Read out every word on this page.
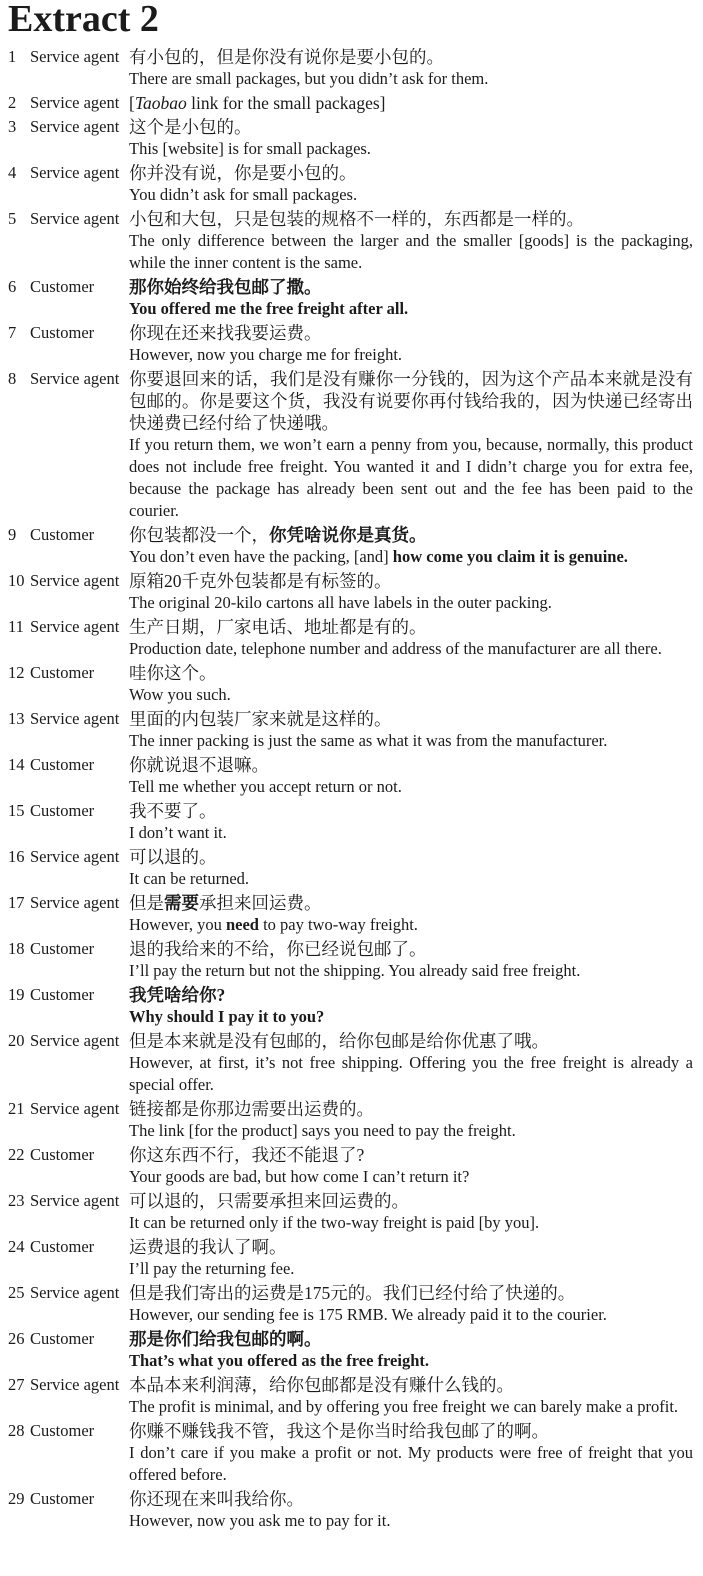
Extract 2
1 Service agent 有小包的，但是你没有说你是要小包的。

There are small packages, but you didn’t ask for them.

2 Service agent [Taobao link for the small packages]

3 Service agent 这个是小包的。

This [website] is for small packages.

4 Service agent 你并没有说，你是要小包的。

You didn’t ask for small packages.

5 Service agent 小包和大包，只是包装的规格不一样的，东西都是一样的。

The only difference between the larger and the smaller [goods] is the packaging, while the inner content is the same.

6 Customer	那你始终给我包邮了撒。

You offered me the free freight after all.

7 Customer	你现在还来找我要运费。

However, now you charge me for freight.

8 Service agent 你要退回来的话，我们是没有赚你一分钱的，因为这个产品本来就是没有包邮的。你是要这个货，我没有说要你再付钱给我的，因为快递已经寄出快递费已经付给了快递哦。

If you return them, we won’t earn a penny from you, because, normally, this product does not include free freight. You wanted it and I didn’t charge you for extra fee, because the package has already been sent out and the fee has been paid to the courier.

9 Customer	你包装都没一个，你凭啥说你是真货。

You don’t even have the packing, [and] how come you claim it is genuine.

10 Service agent 原箱20千克外包装都是有标签的。

The original 20-kilo cartons all have labels in the outer packing.

11 Service agent 生产日期，厂家电话、地址都是有的。

Production date, telephone number and address of the manufacturer are all there.

12 Customer	哇你这个。

Wow you such.

13 Service agent 里面的内包装厂家来就是这样的。

The inner packing is just the same as what it was from the manufacturer.

14 Customer	你就说退不退嘛。

Tell me whether you accept return or not.

15 Customer	我不要了。

I don’t want it.

16 Service agent 可以退的。

It can be returned.

17 Service agent 但是需要承担来回运费。

However, you need to pay two-way freight.

18 Customer	退的我给来的不给，你已经说包邮了。

I’ll pay the return but not the shipping. You already said free freight.

19 Customer	我凭啥给你?

Why should I pay it to you?

20 Service agent 但是本来就是没有包邮的，给你包邮是给你优惠了哦。

However, at first, it’s not free shipping. Offering you the free freight is already a special offer.

21 Service agent 链接都是你那边需要出运费的。

The link [for the product] says you need to pay the freight.

22 Customer	你这东西不行，我还不能退了?

Your goods are bad, but how come I can’t return it?

23 Service agent 可以退的，只需要承担来回运费的。

It can be returned only if the two-way freight is paid [by you].

24 Customer	运费退的我认了啊。

I’ll pay the returning fee.

25 Service agent 但是我们寄出的运费是175元的。我们已经付给了快递的。

However, our sending fee is 175 RMB. We already paid it to the courier.

26 Customer	那是你们给我包邮的啊。

That’s what you offered as the free freight.

27 Service agent 本品本来利润薄，给你包邮都是没有赚什么钱的。

The profit is minimal, and by offering you free freight we can barely make a profit.

28 Customer	你赚不赚钱我不管，我这个是你当时给我包邮了的啊。

I don’t care if you make a profit or not. My products were free of freight that you offered before.

29 Customer	你还现在来叫我给你。

However, now you ask me to pay for it.
